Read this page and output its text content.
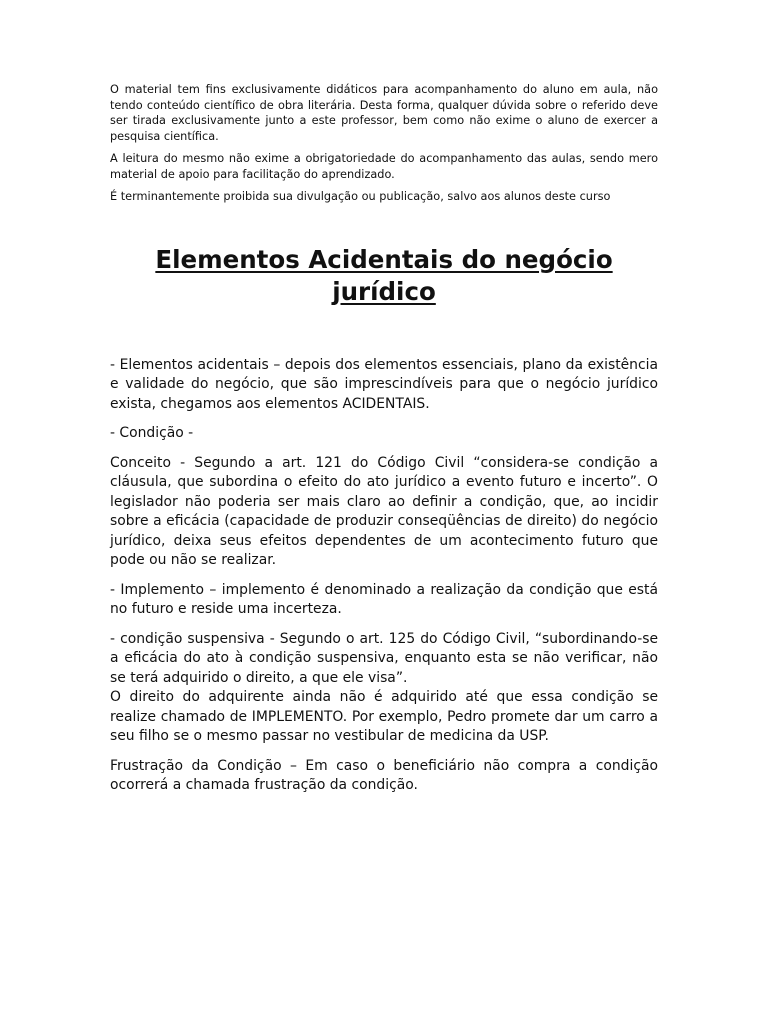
O material tem fins exclusivamente didáticos para acompanhamento do aluno em aula, não tendo conteúdo científico de obra literária. Desta forma, qualquer dúvida sobre o referido deve ser tirada exclusivamente junto a este professor, bem como não exime o aluno de exercer a pesquisa científica.

A leitura do mesmo não exime a obrigatoriedade do acompanhamento das aulas, sendo mero material de apoio para facilitação do aprendizado.

É terminantemente proibida sua divulgação ou publicação, salvo aos alunos deste curso

Elementos Acidentais do negócio
jurídico

- Elementos acidentais – depois dos elementos essenciais, plano da existência e validade do negócio, que são imprescindíveis para que o negócio jurídico exista, chegamos aos elementos ACIDENTAIS.

- Condição -

Conceito - Segundo a art. 121 do Código Civil “considera-se condição a cláusula, que subordina o efeito do ato jurídico a evento futuro e incerto”. O legislador não poderia ser mais claro ao definir a condição, que, ao incidir sobre a eficácia (capacidade de produzir conseqüências de direito) do negócio jurídico, deixa seus efeitos dependentes de um acontecimento futuro que pode ou não se realizar.

- Implemento – implemento é denominado a realização da condição que está no futuro e reside uma incerteza.

- condição suspensiva - Segundo o art. 125 do Código Civil, “subordinando-se a eficácia do ato à condição suspensiva, enquanto esta se não verificar, não se terá adquirido o direito, a que ele visa”.

O direito do adquirente ainda não é adquirido até que essa condição se realize chamado de IMPLEMENTO. Por exemplo, Pedro promete dar um carro a seu filho se o mesmo passar no vestibular de medicina da USP.

Frustração da Condição – Em caso o beneficiário não compra a condição ocorrerá a chamada frustração da condição.
